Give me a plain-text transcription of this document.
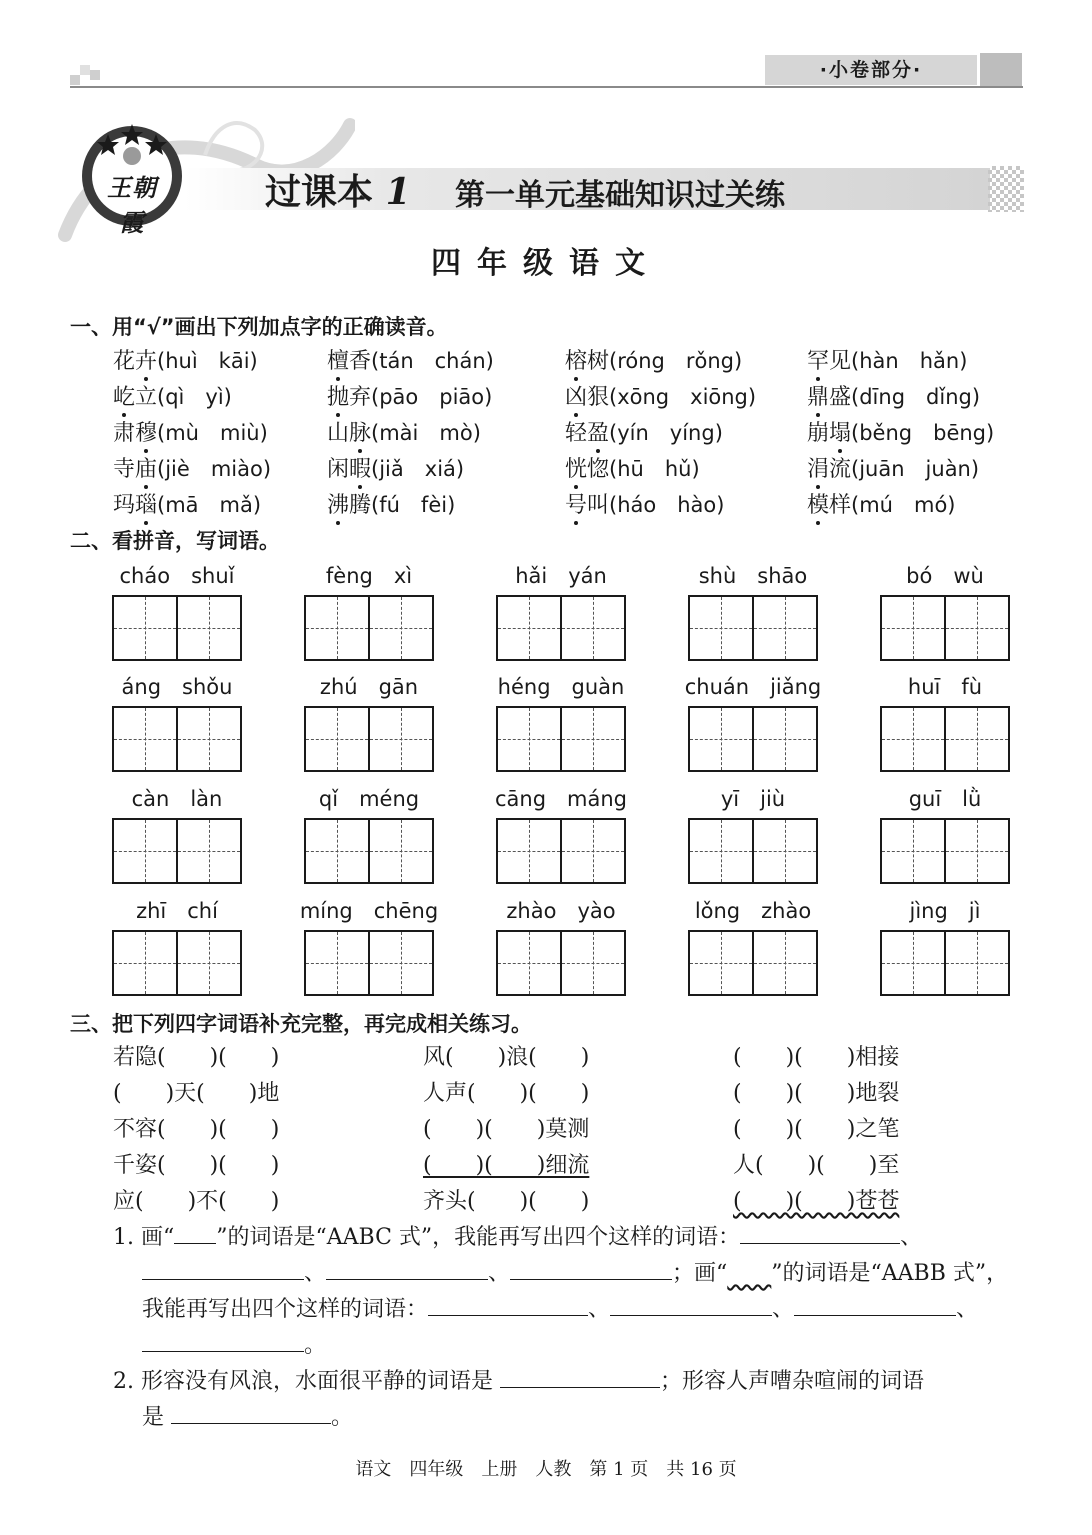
·小卷部分·
王朝霞
过课本 1 第一单元基础知识过关练
四年级语文
一、用“√”画出下列加点字的正确读音。
花卉(huì　kāi)	檀香(tán　chán)	榕树(róng　rǒng)	罕见(hàn　hǎn)
屹立(qì　yì)	抛弃(pāo　piāo)	凶狠(xōng　xiōng) 鼎盛(dīng　dǐng)
肃穆(mù　miù)	山脉(mài　mò)	轻盈(yín　yíng)	崩塌(běng　bēng)
寺庙(jiè　miào)	闲暇(jiǎ　xiá)	恍惚(hū　hǔ)	涓流(juān　juàn)
玛瑙(mā　mǎ)	沸腾(fú　fèi)	号叫(háo　hào)	模样(mú　mó)
二、看拼音，写词语。
cháo　shuǐ	fèng　xì	hǎi　yán	shù　shāo	bó　wù
áng　shǒu	zhú　gān	héng　guàn	chuán　jiǎng	huī　fù
càn　làn	qǐ　méng	cāng　máng	yī　jiù	guī　lǜ
zhī　chí	míng　chēng	zhào　yào	lǒng　zhào	jìng　jì
三、把下列四字词语补充完整，再完成相关练习。
若隐(　　)(　　)	风(　　)浪(　　)	(　　)(　　)相接
(　　)天(　　)地	人声(　　)(　　)	(　　)(　　)地裂
不容(　　)(　　)	(　　)(　　)莫测	(　　)(　　)之笔
千姿(　　)(　　)	(　　)(　　)细流	人(　　)(　　)至
应(　　)不(　　)	齐头(　　)(　　)	(　　)(　　)苍苍
1. 画“ ”的词语是“AABC 式”，我能再写出四个这样的词语：	、
、	、	；画“　　 ”的词语是“AABB 式”，
我能再写出四个这样的词语：	、	、	、
。
2. 形容没有风浪，水面很平静的词语是	；形容人声嘈杂喧闹的词语
是	。
语文　四年级　上册　人教　第 1 页　共 16 页
